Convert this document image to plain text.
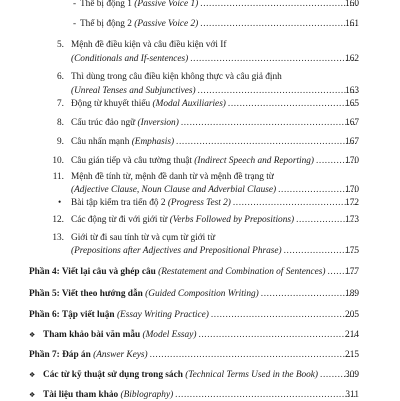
- Thể bị động 1 (Passive Voice 1) .....	160
- Thể bị động 2 (Passive Voice 2) .....	161
5. Mệnh đề điều kiện và câu điều kiện với If
(Conditionals and If-sentences) .....	162
6. Thì dùng trong câu điều kiện không thực và câu giả định
(Unreal Tenses and Subjunctives) .....	163
7. Động từ khuyết thiếu (Modal Auxiliaries) .....	165
8. Cấu trúc đảo ngữ (Inversion) .....	167
9. Câu nhấn mạnh (Emphasis) .....	167
10. Câu gián tiếp và câu tường thuật (Indirect Speech and Reporting) .....	170
11. Mệnh đề tính từ, mệnh đề danh từ và mệnh đề trạng từ
(Adjective Clause, Noun Clause and Adverbial Clause) .....	170
• Bài tập kiểm tra tiến độ 2 (Progress Test 2) .....	172
12. Các động từ đi với giới từ (Verbs Followed by Prepositions) .....	173
13. Giới từ đi sau tính từ và cụm từ giới từ
(Prepositions after Adjectives and Prepositional Phrase) .....	175
Phần 4: Viết lại câu và ghép câu (Restatement and Combination of Sentences) .....	177
Phần 5: Viết theo hướng dẫn (Guided Composition Writing) .....	189
Phần 6: Tập viết luận (Essay Writing Practice) .....	205
❖ Tham khảo bài văn mẫu (Model Essay) .....	214
Phần 7: Đáp án (Answer Keys) .....	215
❖ Các từ kỹ thuật sử dụng trong sách (Technical Terms Used in the Book) .....	309
❖ Tài liệu tham khảo (Biblography) .....	311
